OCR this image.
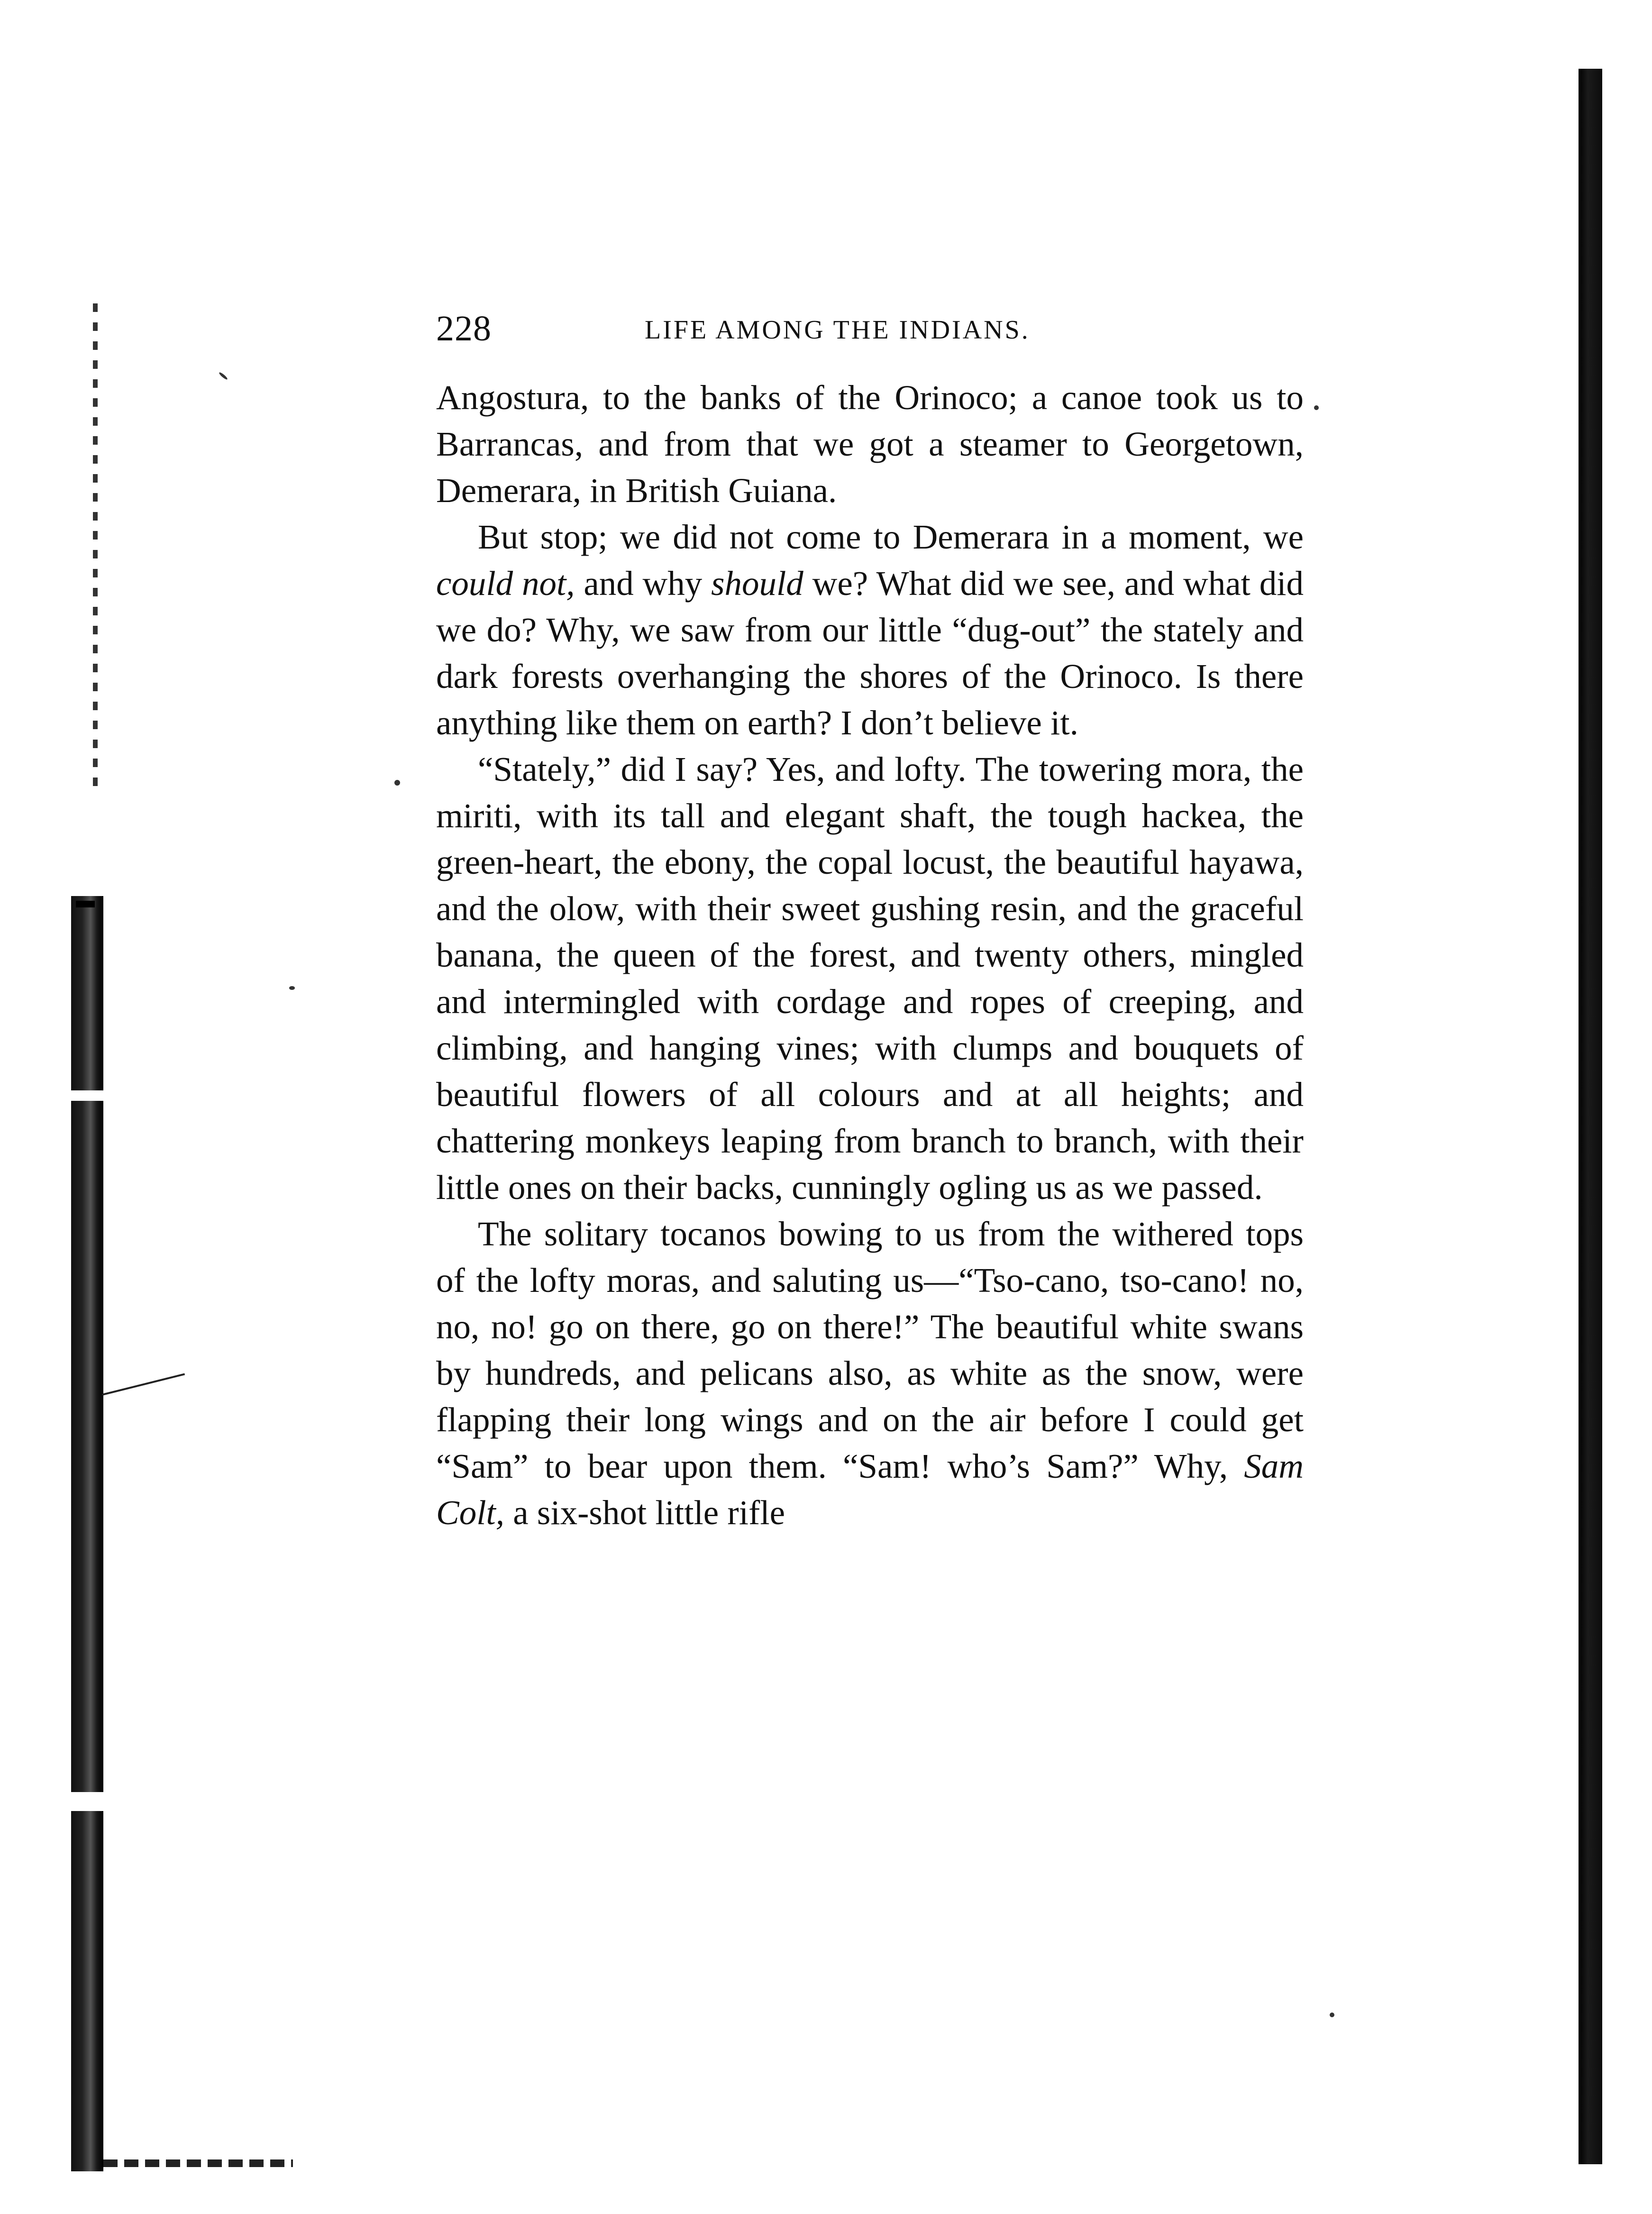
228	LIFE AMONG THE INDIANS.

Angostura, to the banks of the Orinoco; a canoe took us to Barrancas, and from that we got a steamer to Georgetown, Demerara, in British Guiana.

But stop; we did not come to Demerara in a moment, we could not, and why should we? What did we see, and what did we do? Why, we saw from our little “dug-out” the stately and dark forests overhanging the shores of the Orinoco. Is there anything like them on earth? I don’t believe it.

“Stately,” did I say? Yes, and lofty. The towering mora, the miriti, with its tall and elegant shaft, the tough hackea, the green-heart, the ebony, the copal locust, the beautiful hayawa, and the olow, with their sweet gushing resin, and the graceful banana, the queen of the forest, and twenty others, mingled and intermingled with cordage and ropes of creeping, and climbing, and hanging vines; with clumps and bouquets of beautiful flowers of all colours and at all heights; and chattering monkeys leaping from branch to branch, with their little ones on their backs, cunningly ogling us as we passed.

The solitary tocanos bowing to us from the withered tops of the lofty moras, and saluting us—“Tso-cano, tso-cano! no, no, no! go on there, go on there!” The beautiful white swans by hundreds, and pelicans also, as white as the snow, were flapping their long wings and on the air before I could get “Sam” to bear upon them. “Sam! who’s Sam?” Why, Sam Colt, a six-shot little rifle
